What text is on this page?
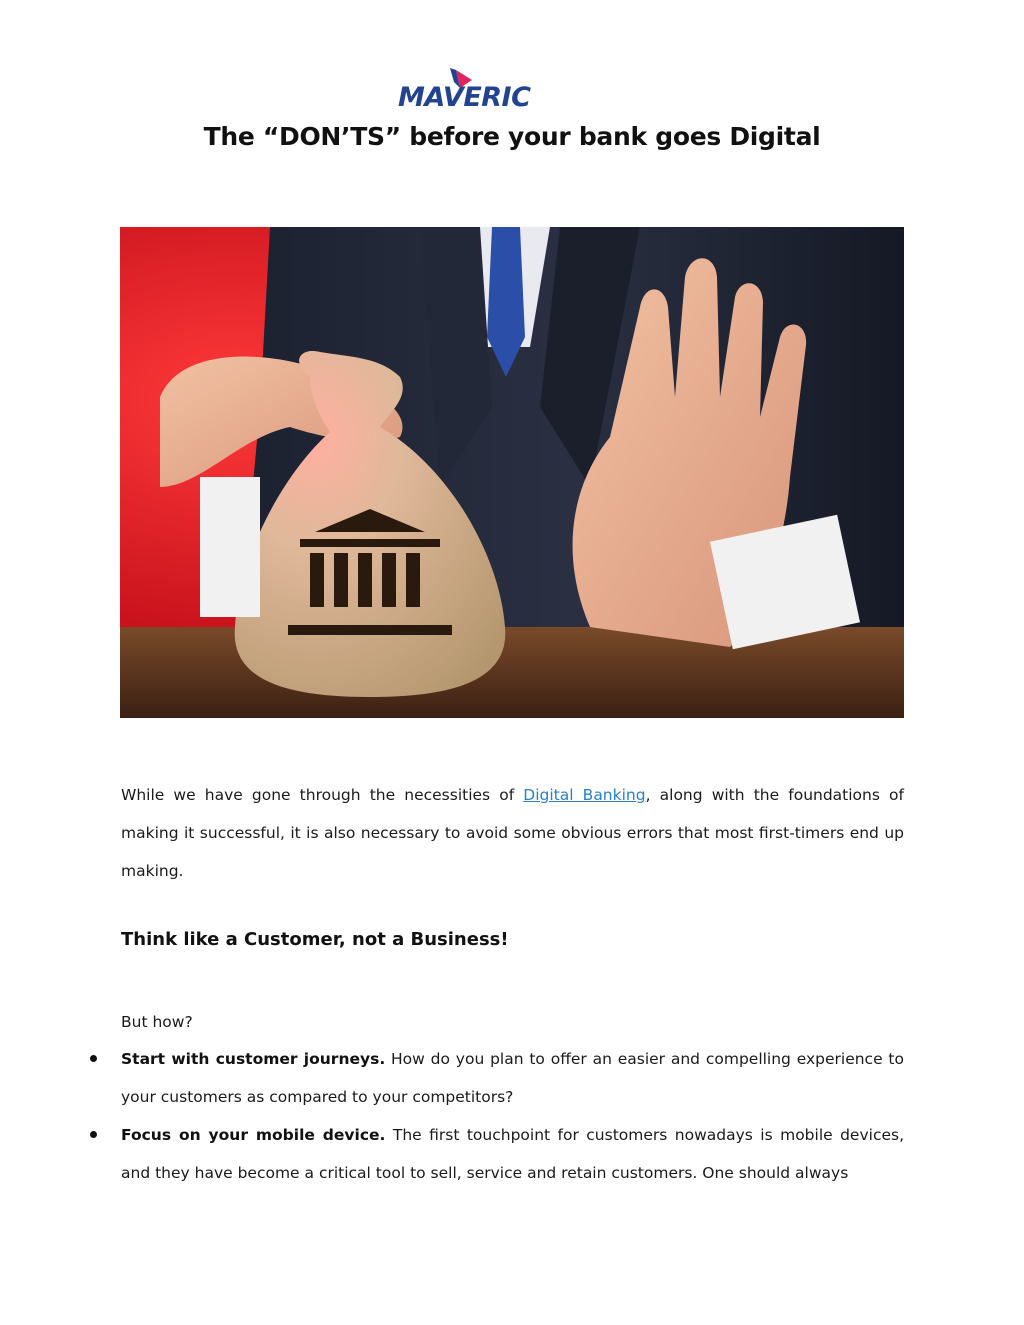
MAVERIC
The “DON’TS” before your bank goes Digital
While we have gone through the necessities of Digital Banking, along with the foundations of making it successful, it is also necessary to avoid some obvious errors that most first-timers end up making.
Think like a Customer, not a Business!
But how?
Start with customer journeys. How do you plan to offer an easier and compelling experience to your customers as compared to your competitors?
Focus on your mobile device. The first touchpoint for customers nowadays is mobile devices, and they have become a critical tool to sell, service and retain customers. One should always
